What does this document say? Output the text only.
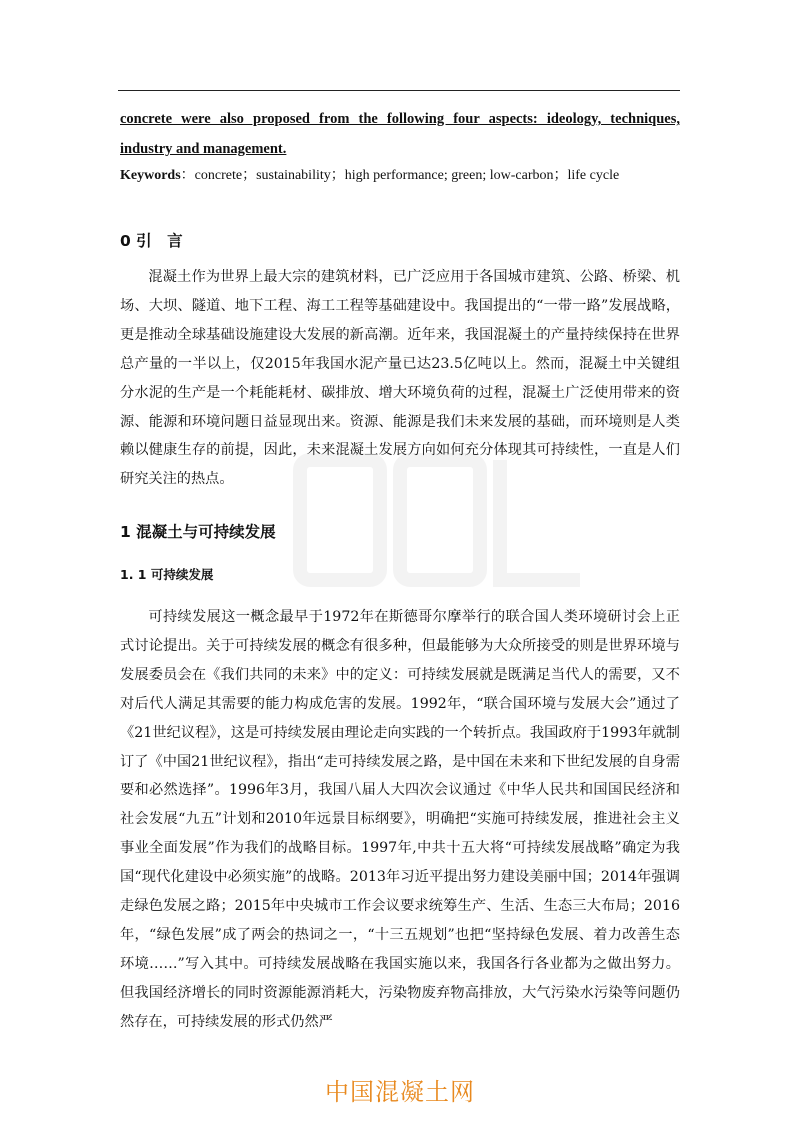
concrete were also proposed from the following four aspects: ideology, techniques, industry and management.
Keywords：concrete；sustainability；high performance; green; low-carbon；life cycle
0 引　言

混凝土作为世界上最大宗的建筑材料，已广泛应用于各国城市建筑、公路、桥梁、机场、大坝、隧道、地下工程、海工工程等基础建设中。我国提出的“一带一路”发展战略，更是推动全球基础设施建设大发展的新高潮。近年来，我国混凝土的产量持续保持在世界总产量的一半以上，仅2015年我国水泥产量已达23.5亿吨以上。然而，混凝土中关键组分水泥的生产是一个耗能耗材、碳排放、增大环境负荷的过程，混凝土广泛使用带来的资源、能源和环境问题日益显现出来。资源、能源是我们未来发展的基础，而环境则是人类赖以健康生存的前提，因此，未来混凝土发展方向如何充分体现其可持续性，一直是人们研究关注的热点。

1 混凝土与可持续发展
1. 1 可持续发展

可持续发展这一概念最早于1972年在斯德哥尔摩举行的联合国人类环境研讨会上正式讨论提出。关于可持续发展的概念有很多种，但最能够为大众所接受的则是世界环境与发展委员会在《我们共同的未来》中的定义：可持续发展就是既满足当代人的需要，又不对后代人满足其需要的能力构成危害的发展。1992年，“联合国环境与发展大会”通过了《21世纪议程》，这是可持续发展由理论走向实践的一个转折点。我国政府于1993年就制订了《中国21世纪议程》，指出“走可持续发展之路，是中国在未来和下世纪发展的自身需要和必然选择”。1996年3月，我国八届人大四次会议通过《中华人民共和国国民经济和社会发展“九五”计划和2010年远景目标纲要》，明确把“实施可持续发展，推进社会主义事业全面发展”作为我们的战略目标。1997年,中共十五大将“可持续发展战略”确定为我国“现代化建设中必须实施”的战略。2013年习近平提出努力建设美丽中国；2014年强调走绿色发展之路；2015年中央城市工作会议要求统筹生产、生活、生态三大布局；2016年，“绿色发展”成了两会的热词之一，“十三五规划”也把“坚持绿色发展、着力改善生态环境……”写入其中。可持续发展战略在我国实施以来，我国各行各业都为之做出努力。但我国经济增长的同时资源能源消耗大，污染物废弃物高排放，大气污染水污染等问题仍然存在，可持续发展的形式仍然严

中国混凝土网
